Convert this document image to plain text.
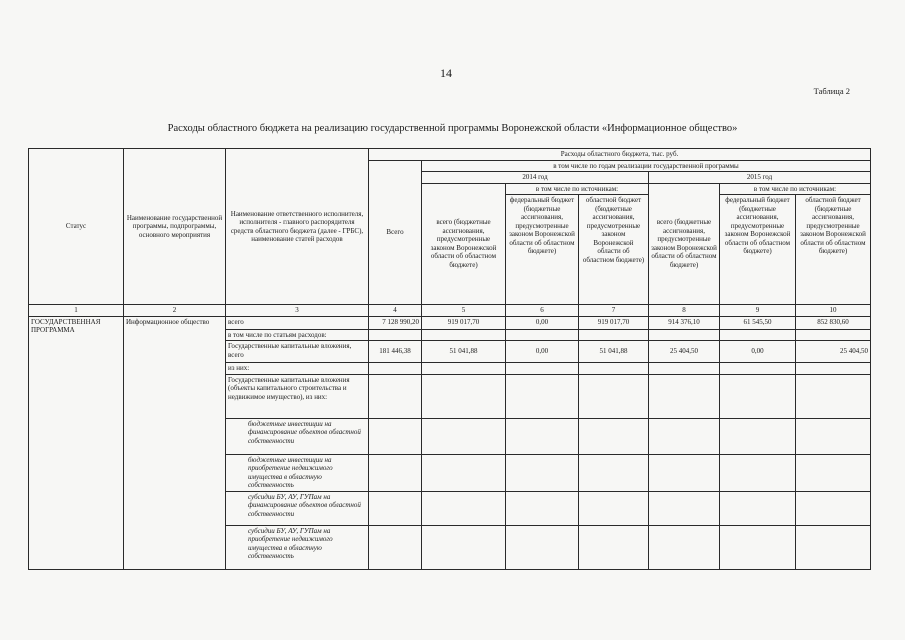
14
Таблица 2
Расходы областного бюджета на реализацию государственной программы Воронежской области «Информационное общество»
Статус	Наименование государственной программы, подпрограммы, основного мероприятия	Наименование ответственного исполнителя, исполнителя - главного распорядителя средств областного бюджета (далее - ГРБС), наименование статей расходов	Расходы областного бюджета, тыс. руб.						
			Всего	в том числе по годам реализации государственной программы					
				2014 год			2015 год		
				всего (бюджетные ассигнования, предусмотренные законом Воронежской области об областном бюджете)	в том числе по источникам:		всего (бюджетные ассигнования, предусмотренные законом Воронежской области об областном бюджете)	в том числе по источникам:	
					федеральный бюджет (бюджетные ассигнования, предусмотренные законом Воронежской области об областном бюджете)	областной бюджет (бюджетные ассигнования, предусмотренные законом Воронежской области об областном бюджете)		федеральный бюджет (бюджетные ассигнования, предусмотренные законом Воронежской области об областном бюджете)	областной бюджет (бюджетные ассигнования, предусмотренные законом Воронежской области об областном бюджете)
1	2	3	4	5	6	7	8	9	10
ГОСУДАРСТВЕННАЯ ПРОГРАММА	Информационное общество	всего	7 128 990,20	919 017,70	0,00	919 017,70	914 376,10	61 545,50	852 830,60
		в том числе по статьям расходов:							
		Государственные капитальные вложения, всего	181 446,38	51 041,88	0,00	51 041,88	25 404,50	0,00	25 404,50
		из них:							
		Государственные капитальные вложения (объекты капитального строительства и недвижимое имущество), из них:							
		бюджетные инвестиции на финансирование объектов областной собственности							
		бюджетные инвестиции на приобретение недвижимого имущества в областную собственность							
		субсидии БУ, АУ, ГУПам на финансирование объектов областной собственности							
		субсидии БУ, АУ, ГУПам на приобретение недвижимого имущества в областную собственность							
